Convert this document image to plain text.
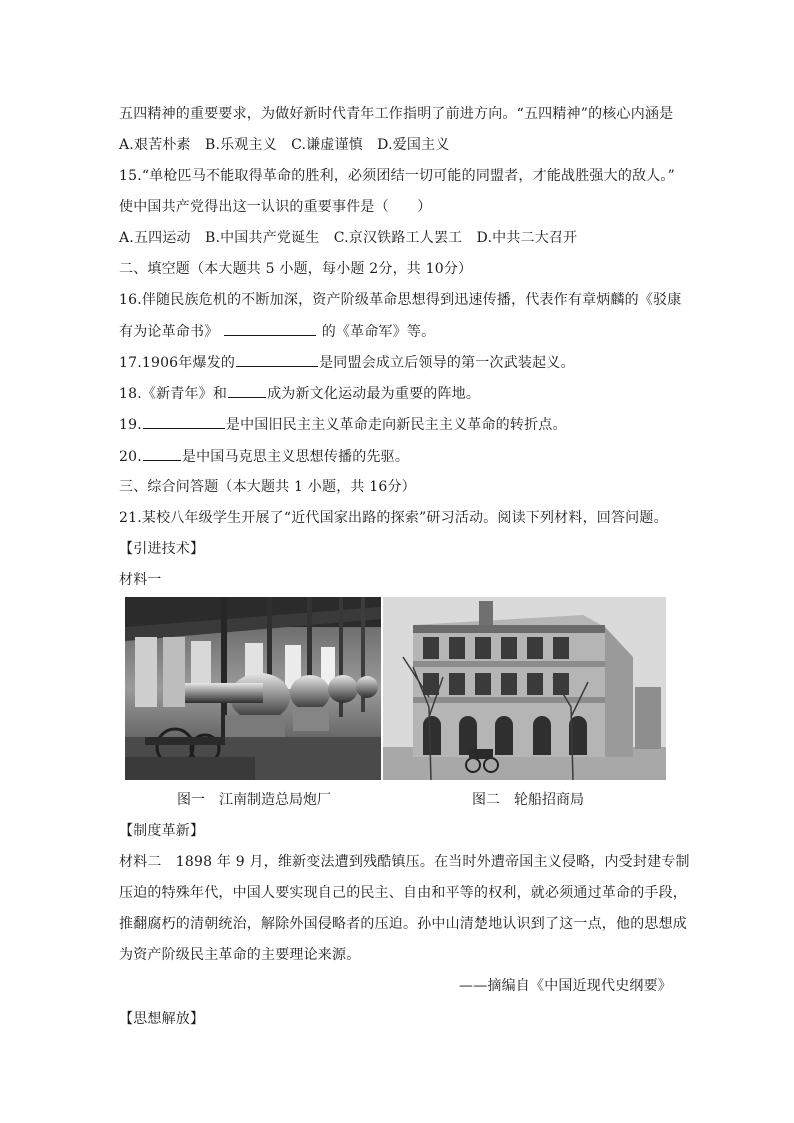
五四精神的重要要求，为做好新时代青年工作指明了前进方向。“五四精神”的核心内涵是
A.艰苦朴素　B.乐观主义　C.谦虚谨慎　D.爱国主义
15.“单枪匹马不能取得革命的胜利，必须团结一切可能的同盟者，才能战胜强大的敌人。”
使中国共产党得出这一认识的重要事件是（　　）
A.五四运动　B.中国共产党诞生　C.京汉铁路工人罢工　D.中共二大召开
二、填空题（本大题共 5 小题，每小题 2分，共 10分）
16.伴随民族危机的不断加深，资产阶级革命思想得到迅速传播，代表作有章炳麟的《驳康
有为论革命书》	的《革命军》等。
17.1906年爆发的	是同盟会成立后领导的第一次武装起义。
18.《新青年》和	成为新文化运动最为重要的阵地。
19.	是中国旧民主主义革命走向新民主主义革命的转折点。
20.	是中国马克思主义思想传播的先驱。
三、综合问答题（本大题共 1 小题，共 16分）
21.某校八年级学生开展了“近代国家出路的探索”研习活动。阅读下列材料，回答问题。
【引进技术】
材料一
图一 江南制造总局炮厂	图二 轮船招商局
【制度革新】
材料二　1898 年 9 月，维新变法遭到残酷镇压。在当时外遭帝国主义侵略，内受封建专制
压迫的特殊年代，中国人要实现自己的民主、自由和平等的权利，就必须通过革命的手段，
推翻腐朽的清朝统治，解除外国侵略者的压迫。孙中山清楚地认识到了这一点，他的思想成
为资产阶级民主革命的主要理论来源。
——摘编自《中国近现代史纲要》
【思想解放】
